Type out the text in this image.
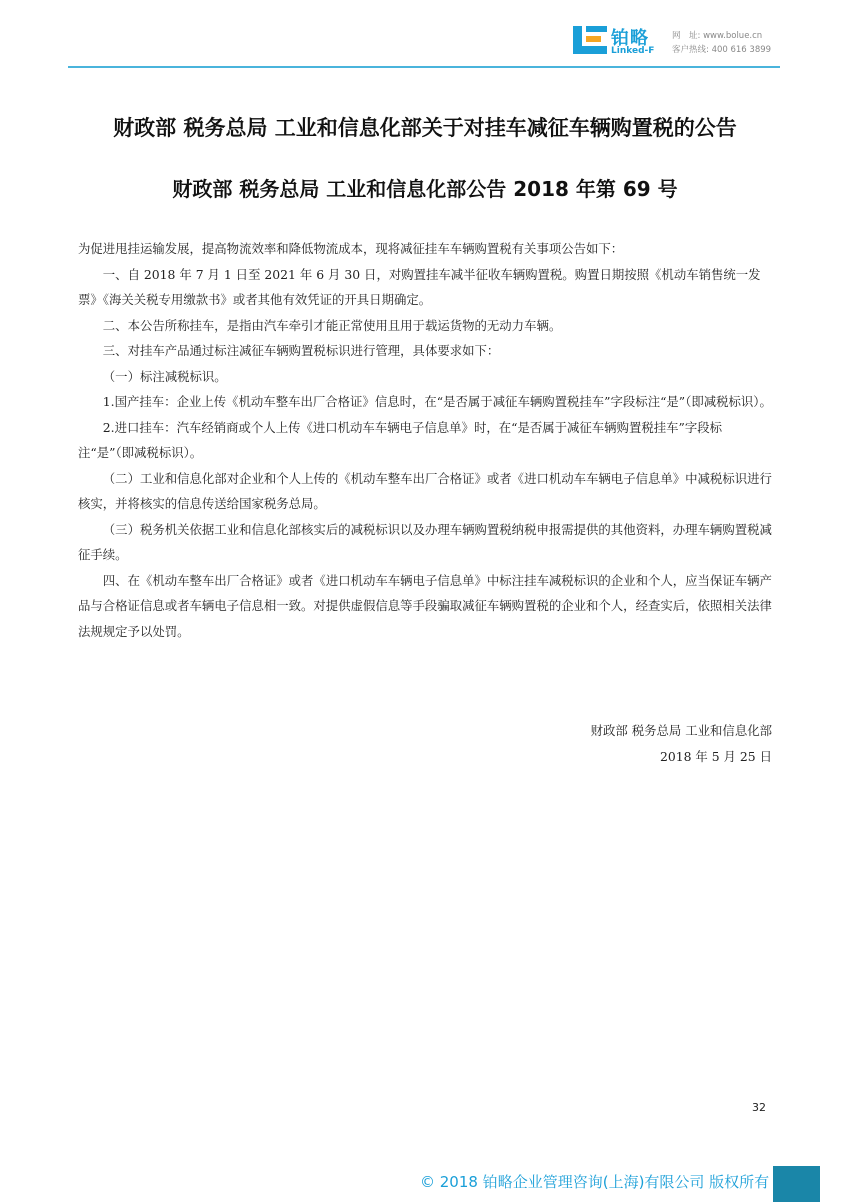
铂略
Linked-F
网　址: www.bolue.cn
客户热线: 400 616 3899
财政部 税务总局 工业和信息化部关于对挂车减征车辆购置税的公告
财政部 税务总局 工业和信息化部公告 2018 年第 69 号

为促进甩挂运输发展，提高物流效率和降低物流成本，现将减征挂车车辆购置税有关事项公告如下：

一、自 2018 年 7 月 1 日至 2021 年 6 月 30 日，对购置挂车减半征收车辆购置税。购置日期按照《机动车销售统一发票》《海关关税专用缴款书》或者其他有效凭证的开具日期确定。

二、本公告所称挂车，是指由汽车牵引才能正常使用且用于载运货物的无动力车辆。

三、对挂车产品通过标注减征车辆购置税标识进行管理，具体要求如下：

（一）标注减税标识。

1.国产挂车：企业上传《机动车整车出厂合格证》信息时，在“是否属于减征车辆购置税挂车”字段标注“是”（即减税标识）。

2.进口挂车：汽车经销商或个人上传《进口机动车车辆电子信息单》时，在“是否属于减征车辆购置税挂车”字段标注“是”（即减税标识）。

（二）工业和信息化部对企业和个人上传的《机动车整车出厂合格证》或者《进口机动车车辆电子信息单》中减税标识进行核实，并将核实的信息传送给国家税务总局。

（三）税务机关依据工业和信息化部核实后的减税标识以及办理车辆购置税纳税申报需提供的其他资料，办理车辆购置税减征手续。

四、在《机动车整车出厂合格证》或者《进口机动车车辆电子信息单》中标注挂车减税标识的企业和个人，应当保证车辆产品与合格证信息或者车辆电子信息相一致。对提供虚假信息等手段骗取减征车辆购置税的企业和个人，经查实后，依照相关法律法规规定予以处罚。

财政部 税务总局 工业和信息化部
2018 年 5 月 25 日
32
© 2018 铂略企业管理咨询(上海)有限公司 版权所有
